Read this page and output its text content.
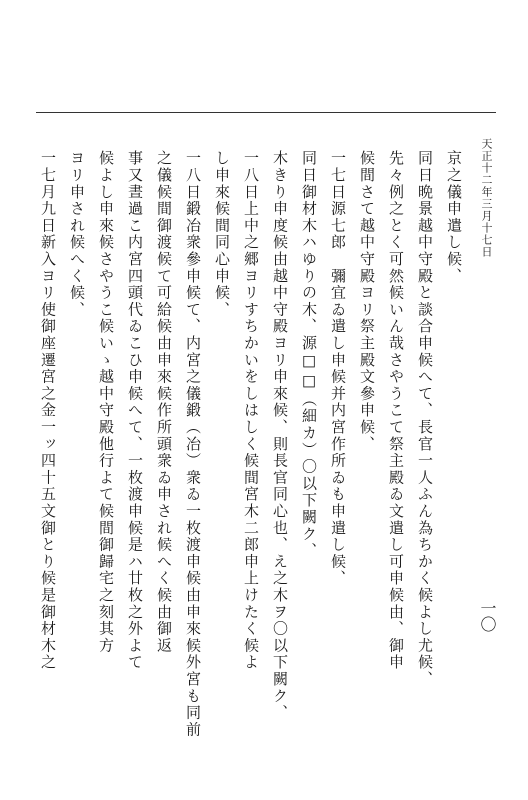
天正十二年三月十七日
一〇
京之儀申遣し候、
同日晩景越中守殿と談合申候へて、長官一人ふん為ちかく候よし尤候、
先々例之とく可然候いん哉さやうこて祭主殿ゐ文遣し可申候由、御申
候間さて越中守殿ヨリ祭主殿文參申候、
一七日源七郎　彌宜ゐ遣し申候并内宮作所ゐも申遣し候、
同日御材木ハゆりの木、源□□（細カ）〇以下闕ク、
木きり申度候由越中守殿ヨリ申來候、則長官同心也、え之木ヲ〇以下闕ク、
一八日上中之郷ヨリすちかいをしはしく候間宮木二郎申上けたく候よ
し申來候間同心申候、
一八日鍛冶衆參申候て、内宮之儀鍛（冶）衆ゐ一枚渡申候由申來候外宮も同前
之儀候間御渡候て可給候由申來候作所頭衆ゐ申され候へく候由御返
事又晝過こ内宮四頭代ゐこひ申候へて、一枚渡申候是ハ廿枚之外よて
候よし申來候さやうこ候いゝ越中守殿他行よて候間御歸宅之刻其方
ヨリ申され候へく候、
一七月九日新入ヨリ使御座遷宮之金一ッ四十五文御とり候是御材木之
